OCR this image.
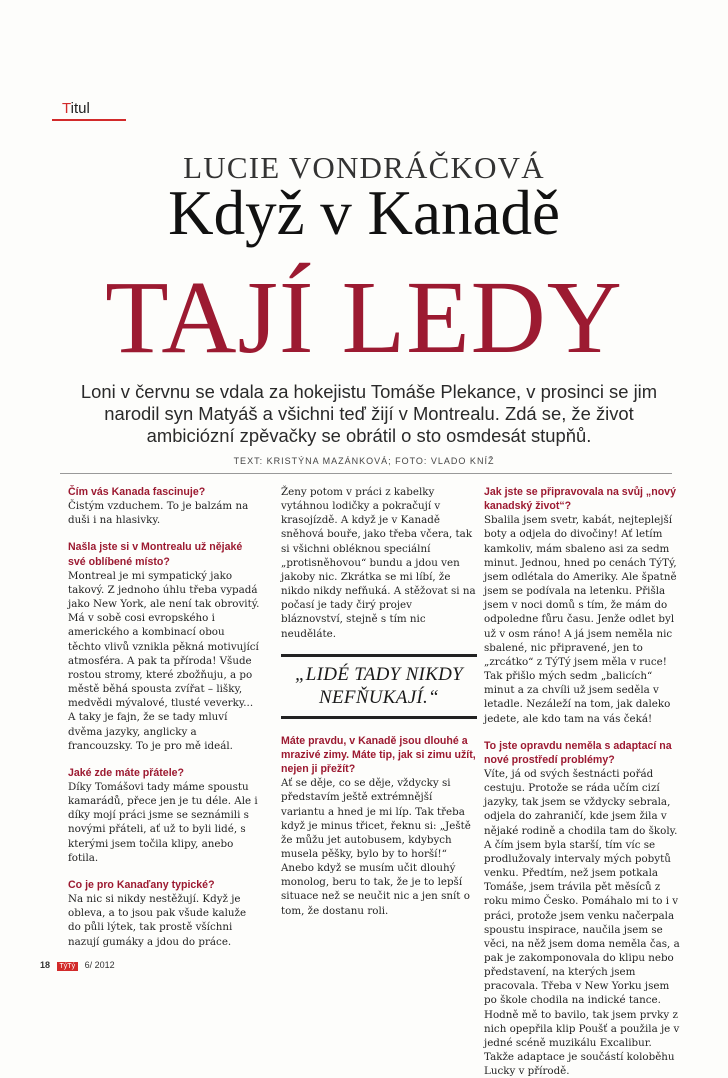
Titul
LUCIE VONDRÁČKOVÁ
Když v Kanadě
TAJÍ LEDY
Loni v červnu se vdala za hokejistu Tomáše Plekance, v prosinci se jim narodil syn Matyáš a všichni teď žijí v Montrealu. Zdá se, že život ambiciózní zpěvačky se obrátil o sto osmdesát stupňů.
TEXT: KRISTÝNA MAZÁNKOVÁ; FOTO: VLADO KNÍŽ
Čím vás Kanada fascinuje?
Čistým vzduchem. To je balzám na duši i na hlasivky.
Našla jste si v Montrealu už nějaké své oblíbené místo?
Montreal je mi sympatický jako takový. Z jednoho úhlu třeba vypadá jako New York, ale není tak obrovitý. Má v sobě cosi evropského i amerického a kombinací obou těchto vlivů vznikla pěkná motivující atmosféra. A pak ta příroda! Všude rostou stromy, které zbožňuju, a po městě běhá spousta zvířat – lišky, medvědi mývalové, tlusté veverky... A taky je fajn, že se tady mluví dvěma jazyky, anglicky a francouzsky. To je pro mě ideál.
Jaké zde máte přátele?
Díky Tomášovi tady máme spoustu kamarádů, přece jen je tu déle. Ale i díky mojí práci jsme se seznámili s novými přáteli, ať už to byli lidé, s kterými jsem točila klipy, anebo fotila.
Co je pro Kanaďany typické?
Na nic si nikdy nestěžují. Když je obleva, a to jsou pak všude kaluže do půli lýtek, tak prostě všíchni nazují gumáky a jdou do práce.
Ženy potom v práci z kabelky vytáhnou lodičky a pokračují v krasojízdě. A když je v Kanadě sněhová bouře, jako třeba včera, tak si všichni obléknou speciální „protisněhovou“ bundu a jdou ven jakoby nic. Zkrátka se mi líbí, že nikdo nikdy nefňuká. A stěžovat si na počasí je tady čirý projev bláznovství, stejně s tím nic neuděláte.
„LIDÉ TADY NIKDY NEFŇUKAJÍ.“
Máte pravdu, v Kanadě jsou dlouhé a mrazivé zimy. Máte tip, jak si zimu užít, nejen ji přežít?
Ať se děje, co se děje, vždycky si představím ještě extrémnější variantu a hned je mi líp. Tak třeba když je minus třicet, řeknu si: „Ještě že můžu jet autobusem, kdybych musela pěšky, bylo by to horší!“ Anebo když se musím učit dlouhý monolog, beru to tak, že je to lepší situace než se neučit nic a jen snít o tom, že dostanu roli.
Jak jste se připravovala na svůj „nový kanadský život“?
Sbalila jsem svetr, kabát, nejteplejší boty a odjela do divočiny! Ať letím kamkoliv, mám sbaleno asi za sedm minut. Jednou, hned po cenách TýTý, jsem odlétala do Ameriky. Ale špatně jsem se podívala na letenku. Přišla jsem v noci domů s tím, že mám do odpoledne fůru času. Jenže odlet byl už v osm ráno! A já jsem neměla nic sbalené, nic připravené, jen to „zrcátko“ z TýTý jsem měla v ruce! Tak přišlo mých sedm „balicích“ minut a za chvíli už jsem seděla v letadle. Nezáleží na tom, jak daleko jedete, ale kdo tam na vás čeká!
To jste opravdu neměla s adaptací na nové prostředí problémy?
Víte, já od svých šestnácti pořád cestuju. Protože se ráda učím cizí jazyky, tak jsem se vždycky sebrala, odjela do zahraničí, kde jsem žila v nějaké rodině a chodila tam do školy. A čím jsem byla starší, tím víc se prodlužovaly intervaly mých pobytů venku. Předtím, než jsem potkala Tomáše, jsem trávila pět měsíců z roku mimo Česko. Pomáhalo mi to i v práci, protože jsem venku načerpala spoustu inspirace, naučila jsem se věci, na něž jsem doma neměla čas, a pak je zakomponovala do klipu nebo představení, na kterých jsem pracovala. Třeba v New Yorku jsem po škole chodila na indické tance. Hodně mě to bavilo, tak jsem prvky z nich opepřila klip Poušť a použila je v jedné scéně muzikálu Excalibur. Takže adaptace je součástí koloběhu Lucky v přírodě.
18 TýTý 6/ 2012
